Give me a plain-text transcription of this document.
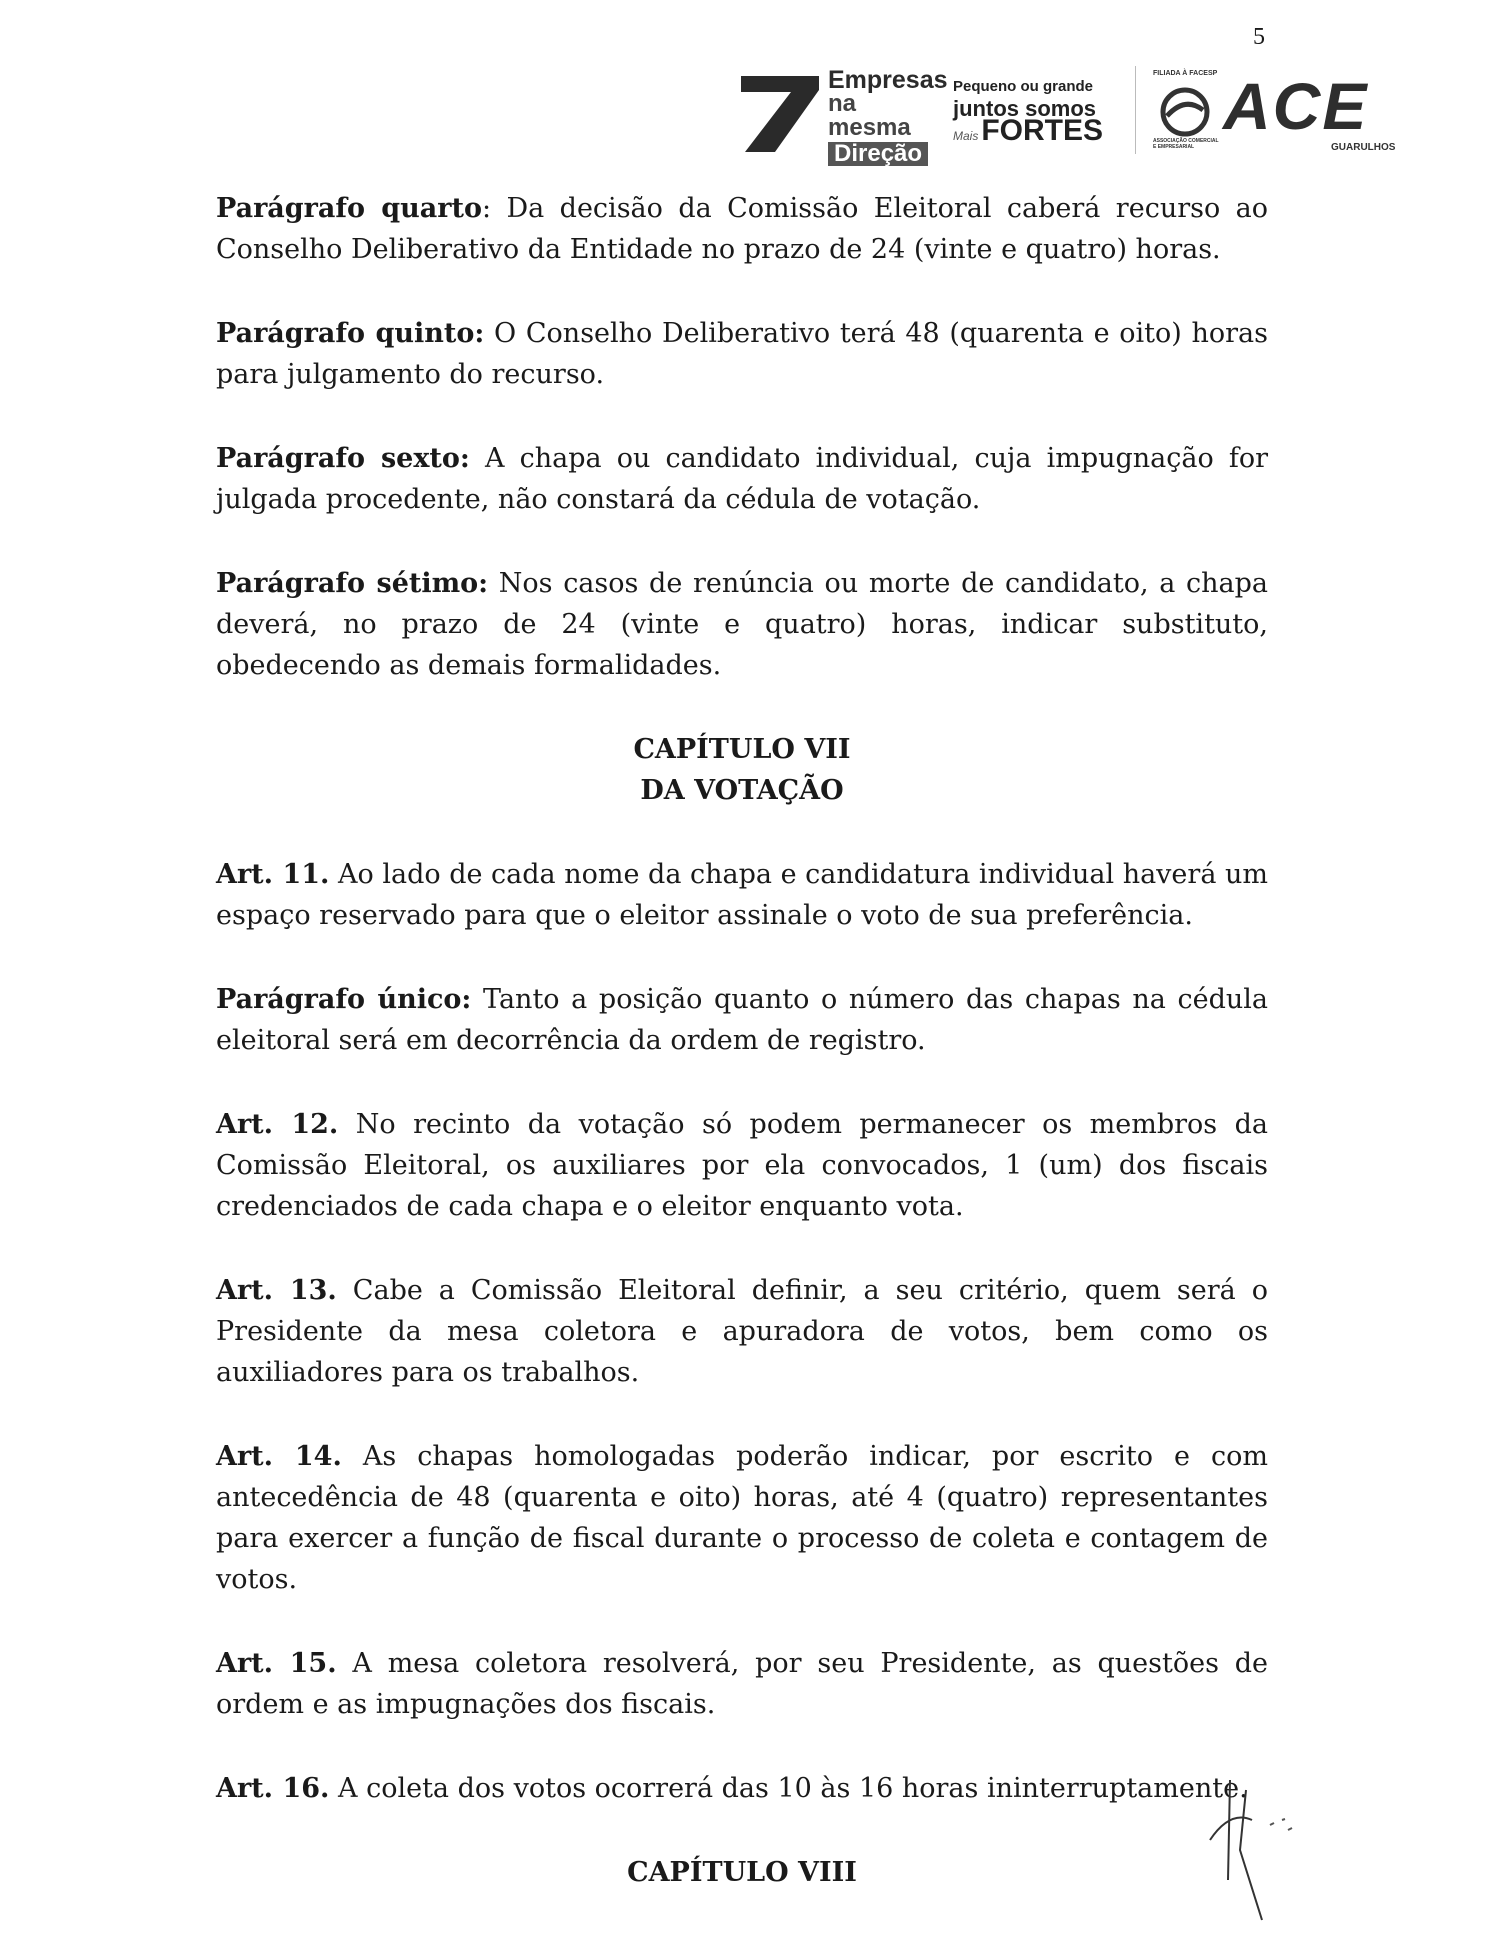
5
Empresas
na mesma
Direção
Pequeno ou grande
juntos somos
Mais FORTES
FILIADA À FACESP
ASSOCIAÇÃO COMERCIAL E EMPRESARIAL
ACE
GUARULHOS

Parágrafo quarto: Da decisão da Comissão Eleitoral caberá recurso ao Conselho Deliberativo da Entidade no prazo de 24 (vinte e quatro) horas.

Parágrafo quinto: O Conselho Deliberativo terá 48 (quarenta e oito) horas para julgamento do recurso.

Parágrafo sexto: A chapa ou candidato individual, cuja impugnação for julgada procedente, não constará da cédula de votação.

Parágrafo sétimo: Nos casos de renúncia ou morte de candidato, a chapa deverá, no prazo de 24 (vinte e quatro) horas, indicar substituto, obedecendo as demais formalidades.

CAPÍTULO VII
DA VOTAÇÃO

Art. 11. Ao lado de cada nome da chapa e candidatura individual haverá um espaço reservado para que o eleitor assinale o voto de sua preferência.

Parágrafo único: Tanto a posição quanto o número das chapas na cédula eleitoral será em decorrência da ordem de registro.

Art. 12. No recinto da votação só podem permanecer os membros da Comissão Eleitoral, os auxiliares por ela convocados, 1 (um) dos fiscais credenciados de cada chapa e o eleitor enquanto vota.

Art. 13. Cabe a Comissão Eleitoral definir, a seu critério, quem será o Presidente da mesa coletora e apuradora de votos, bem como os auxiliadores para os trabalhos.

Art. 14. As chapas homologadas poderão indicar, por escrito e com antecedência de 48 (quarenta e oito) horas, até 4 (quatro) representantes para exercer a função de fiscal durante o processo de coleta e contagem de votos.

Art. 15. A mesa coletora resolverá, por seu Presidente, as questões de ordem e as impugnações dos fiscais.

Art. 16. A coleta dos votos ocorrerá das 10 às 16 horas ininterruptamente.

CAPÍTULO VIII
